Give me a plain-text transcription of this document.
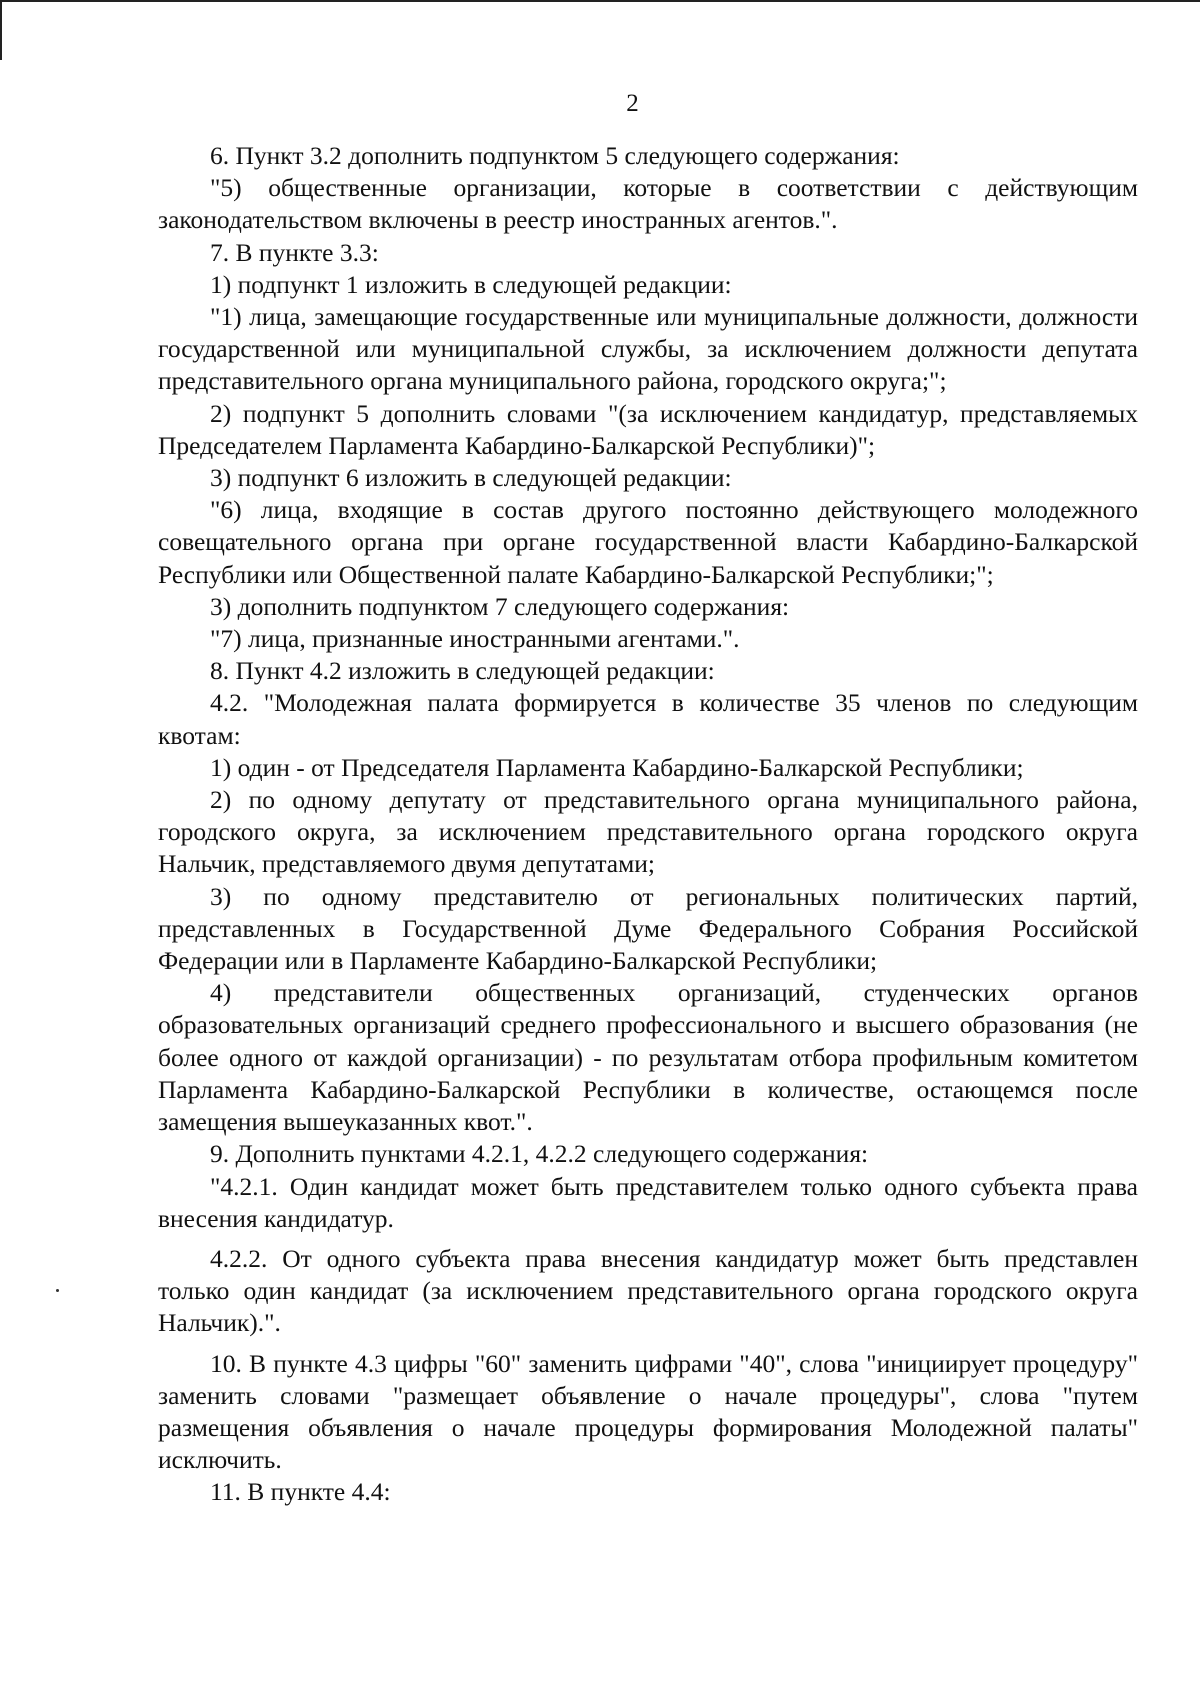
2

6. Пункт 3.2 дополнить подпунктом 5 следующего содержания:

"5) общественные организации, которые в соответствии с действующим законодательством включены в реестр иностранных агентов.".

7. В пункте 3.3:

1) подпункт 1 изложить в следующей редакции:

"1) лица, замещающие государственные или муниципальные должности, должности государственной или муниципальной службы, за исключением должности депутата представительного органа муниципального района, городского округа;";

2) подпункт 5 дополнить словами "(за исключением кандидатур, представляемых Председателем Парламента Кабардино-Балкарской Республики)";

3) подпункт 6 изложить в следующей редакции:

"6) лица, входящие в состав другого постоянно действующего молодежного совещательного органа при органе государственной власти Кабардино-Балкарской Республики или Общественной палате Кабардино-Балкарской Республики;";

3) дополнить подпунктом 7 следующего содержания:

"7) лица, признанные иностранными агентами.".

8. Пункт 4.2 изложить в следующей редакции:

4.2. "Молодежная палата формируется в количестве 35 членов по следующим квотам:

1) один - от Председателя Парламента Кабардино-Балкарской Республики;

2) по одному депутату от представительного органа муниципального района, городского округа, за исключением представительного органа городского округа Нальчик, представляемого двумя депутатами;

3) по одному представителю от региональных политических партий, представленных в Государственной Думе Федерального Собрания Российской Федерации или в Парламенте Кабардино-Балкарской Республики;

4) представители общественных организаций, студенческих органов образовательных организаций среднего профессионального и высшего образования (не более одного от каждой организации) - по результатам отбора профильным комитетом Парламента Кабардино-Балкарской Республики в количестве, остающемся после замещения вышеуказанных квот.".

9. Дополнить пунктами 4.2.1, 4.2.2 следующего содержания:

"4.2.1. Один кандидат может быть представителем только одного субъекта права внесения кандидатур.

4.2.2. От одного субъекта права внесения кандидатур может быть представлен только один кандидат (за исключением представительного органа городского округа Нальчик).".

10. В пункте 4.3 цифры "60" заменить цифрами "40", слова "инициирует процедуру" заменить словами "размещает объявление о начале процедуры", слова "путем размещения объявления о начале процедуры формирования Молодежной палаты" исключить.

11. В пункте 4.4:
